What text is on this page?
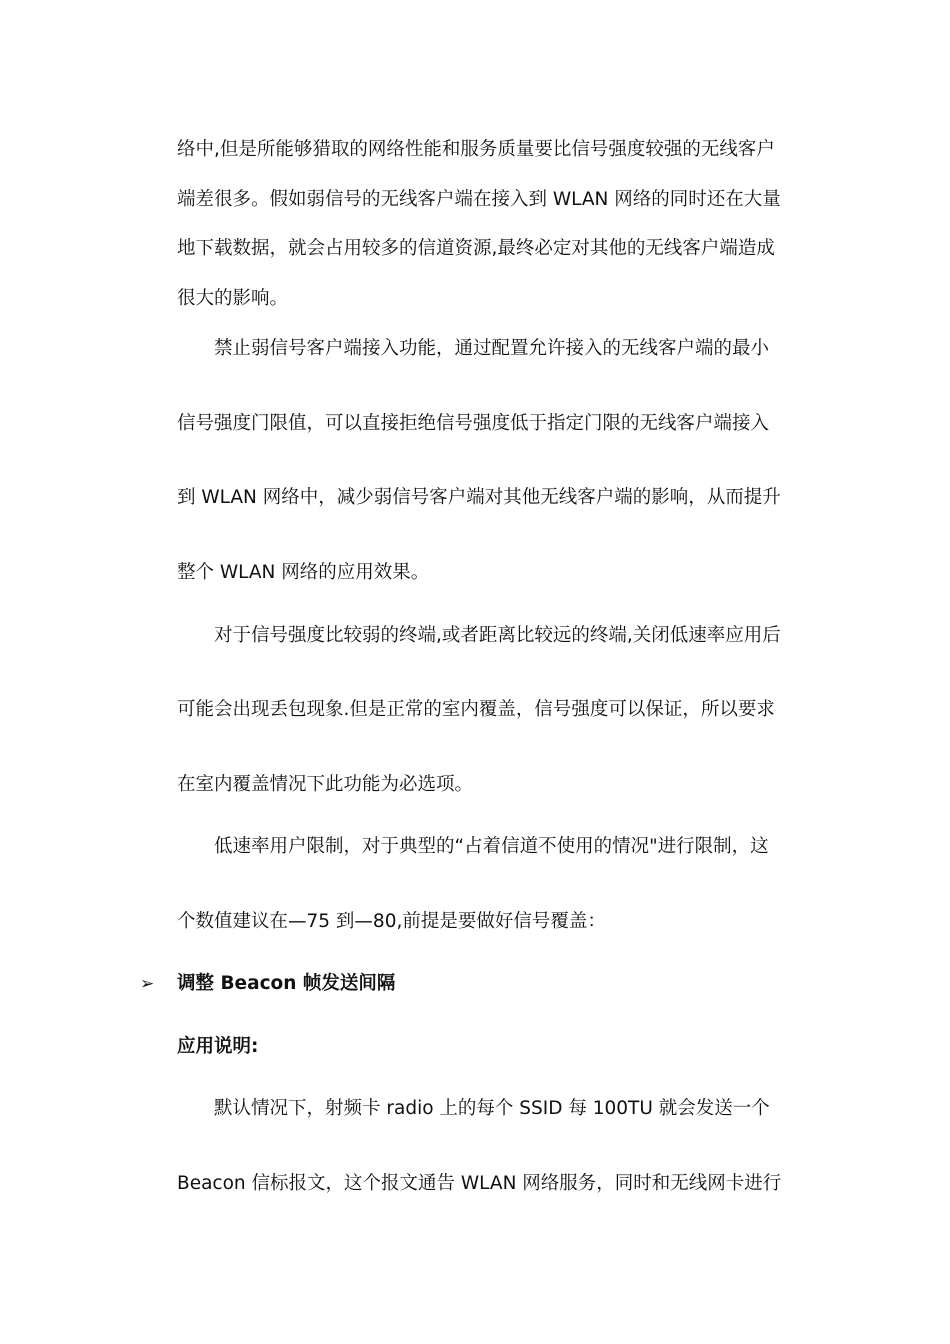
络中,但是所能够猎取的网络性能和服务质量要比信号强度较强的无线客户
端差很多。假如弱信号的无线客户端在接入到 WLAN 网络的同时还在大量
地下载数据，就会占用较多的信道资源,最终必定对其他的无线客户端造成
很大的影响。
禁止弱信号客户端接入功能，通过配置允许接入的无线客户端的最小
信号强度门限值，可以直接拒绝信号强度低于指定门限的无线客户端接入
到 WLAN 网络中，减少弱信号客户端对其他无线客户端的影响，从而提升
整个 WLAN 网络的应用效果。
对于信号强度比较弱的终端,或者距离比较远的终端,关闭低速率应用后
可能会出现丢包现象.但是正常的室内覆盖，信号强度可以保证，所以要求
在室内覆盖情况下此功能为必选项。
低速率用户限制，对于典型的“占着信道不使用的情况"进行限制，这
个数值建议在—75 到—80,前提是要做好信号覆盖：
➢ 调整 Beacon 帧发送间隔
应用说明:
默认情况下，射频卡 radio 上的每个 SSID 每 100TU 就会发送一个
Beacon 信标报文，这个报文通告 WLAN 网络服务，同时和无线网卡进行
